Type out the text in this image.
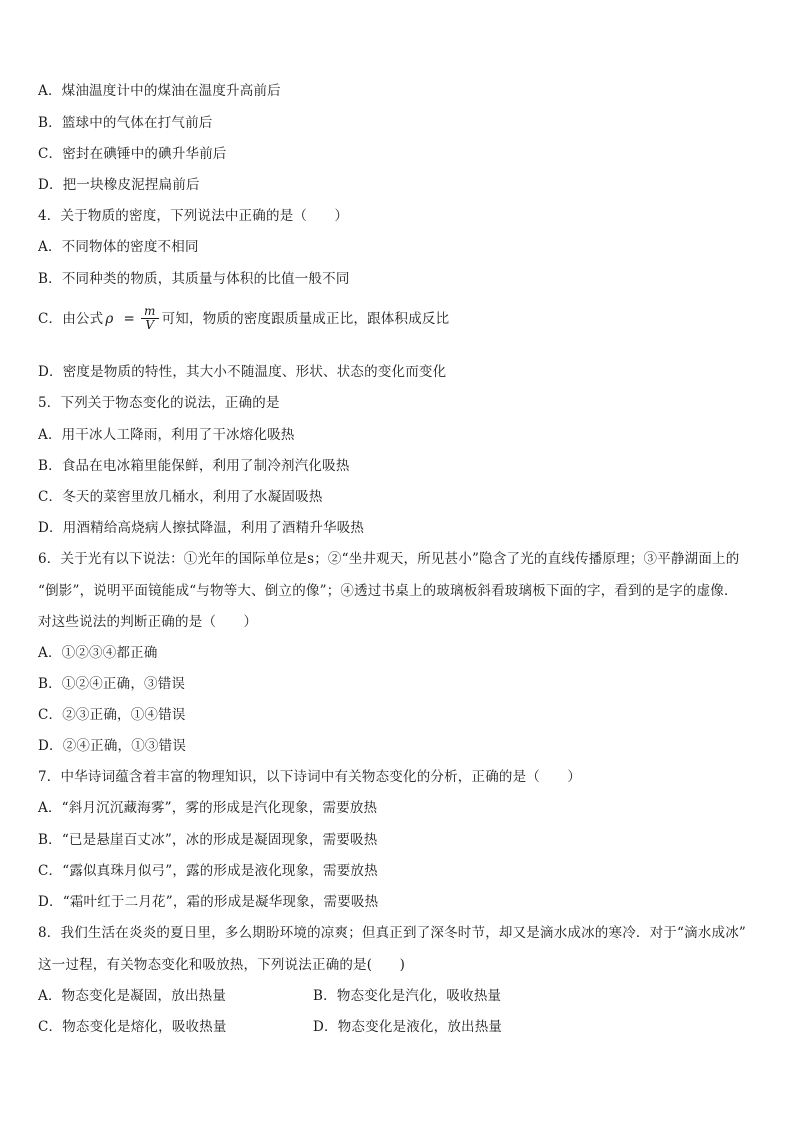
A．煤油温度计中的煤油在温度升高前后
B．篮球中的气体在打气前后
C．密封在碘锤中的碘升华前后
D．把一块橡皮泥捏扁前后
4．关于物质的密度，下列说法中正确的是（　　）
A．不同物体的密度不相同
B．不同种类的物质，其质量与体积的比值一般不同
C．由公式 $\rho = \frac{m}{V}$ 可知，物质的密度跟质量成正比，跟体积成反比
D．密度是物质的特性，其大小不随温度、形状、状态的变化而变化
5．下列关于物态变化的说法，正确的是
A．用干冰人工降雨，利用了干冰熔化吸热
B．食品在电冰箱里能保鲜，利用了制冷剂汽化吸热
C．冬天的菜窖里放几桶水，利用了水凝固吸热
D．用酒精给高烧病人擦拭降温，利用了酒精升华吸热
6．关于光有以下说法：①光年的国际单位是s；②“坐井观天，所见甚小”隐含了光的直线传播原理；③平静湖面上的
“倒影”，说明平面镜能成“与物等大、倒立的像”；④透过书桌上的玻璃板斜看玻璃板下面的字，看到的是字的虚像．
对这些说法的判断正确的是（　　）
A．①②③④都正确
B．①②④正确，③错误
C．②③正确，①④错误
D．②④正确，①③错误
7．中华诗词蕴含着丰富的物理知识，以下诗词中有关物态变化的分析，正确的是（　　）
A．“斜月沉沉藏海雾”，雾的形成是汽化现象，需要放热
B．“已是悬崖百丈冰”，冰的形成是凝固现象，需要吸热
C．“露似真珠月似弓”，露的形成是液化现象，需要放热
D．“霜叶红于二月花”，霜的形成是凝华现象，需要吸热
8．我们生活在炎炎的夏日里，多么期盼环境的凉爽；但真正到了深冬时节，却又是滴水成冰的寒冷．对于“滴水成冰”
这一过程，有关物态变化和吸放热，下列说法正确的是(　　)
A．物态变化是凝固，放出热量	B．物态变化是汽化，吸收热量
C．物态变化是熔化，吸收热量	D．物态变化是液化，放出热量
